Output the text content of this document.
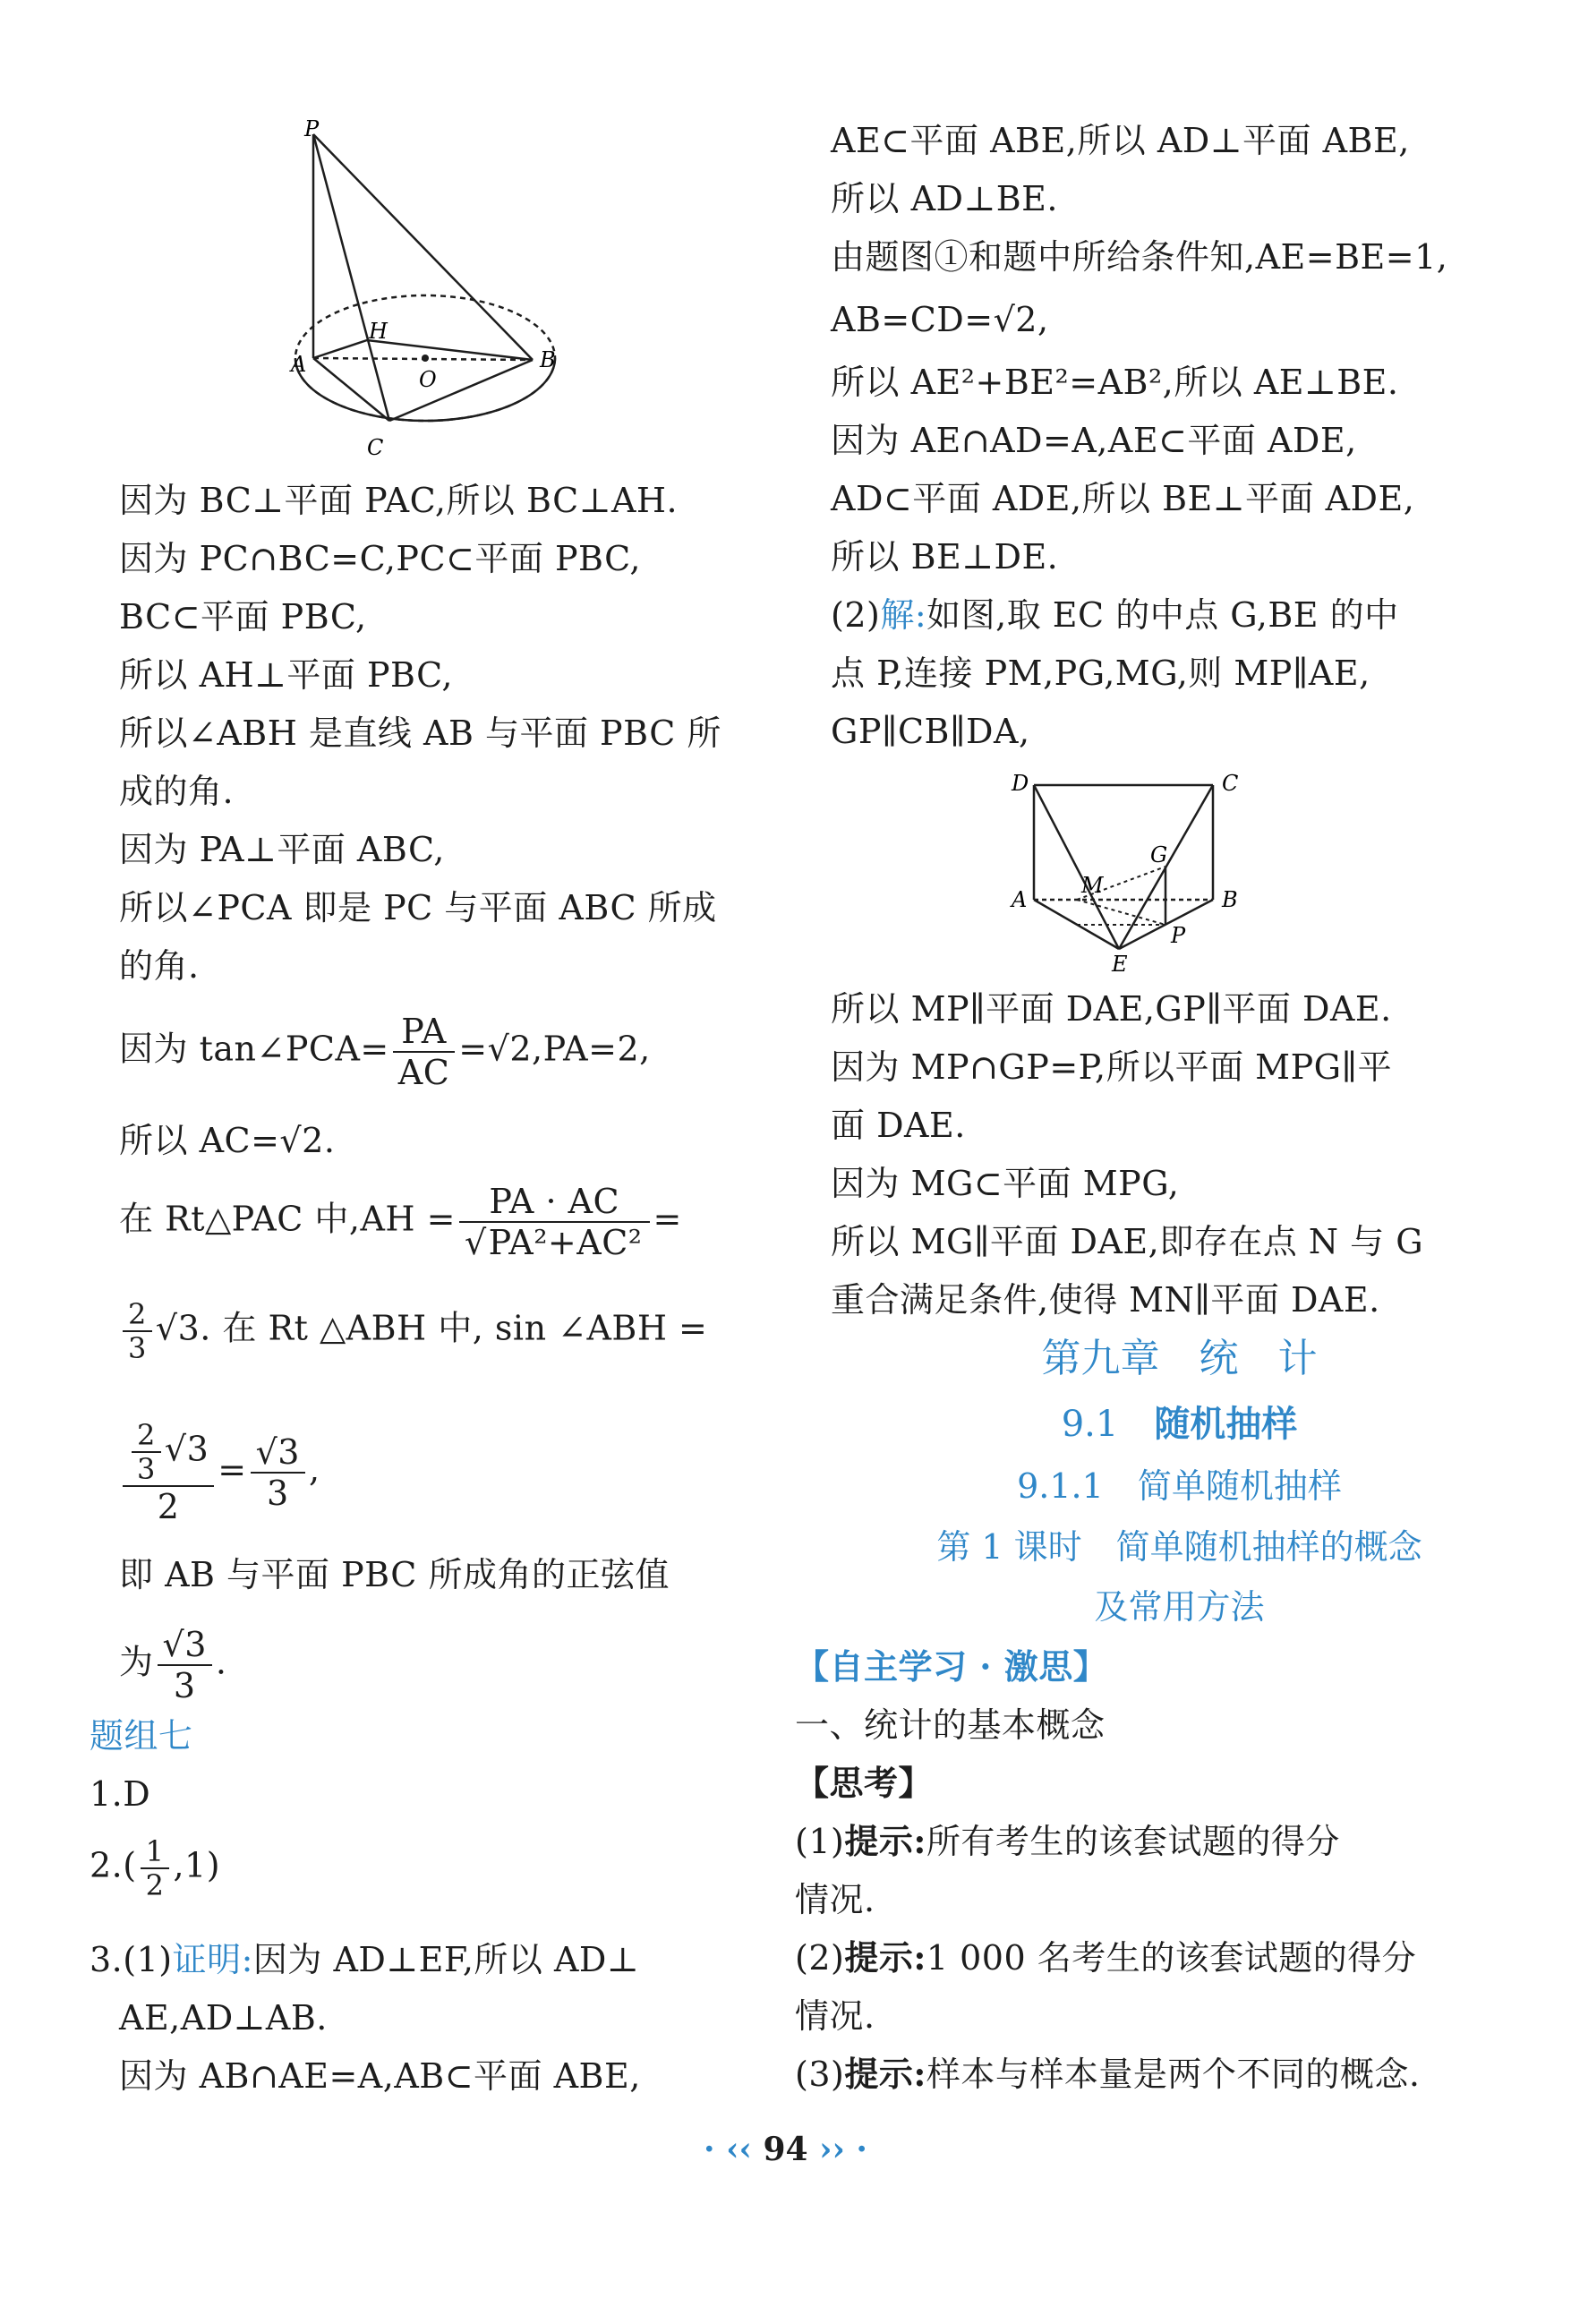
P
A	B
C
H
O
因为 BC⊥平面 PAC,所以 BC⊥AH.
因为 PC∩BC=C,PC⊂平面 PBC,
BC⊂平面 PBC,
所以 AH⊥平面 PBC,
所以∠ABH 是直线 AB 与平面 PBC 所
成的角.
因为 PA⊥平面 ABC,
所以∠PCA 即是 PC 与平面 ABC 所成
的角.
因为 tan∠PCA= $\frac{PA}{AC} =√2,PA=2$,
所以 AC=√2.
在 Rt△PAC 中$,AH = \frac{PA \cdot AC}{\text{√PA²+AC²}}$ =
$\frac{2}{3} √3$. 在 Rt △ABH 中, sin ∠ABH =
$\frac{\frac{2}{3} √3}{2} = \frac{√3}{3}$ ,
即 AB 与平面 PBC 所成角的正弦值
为 $\frac{√3}{3}$ .
题组七
1.D
$2.( \frac{1}{2} ,1)$
3.(1)证明:因为 AD⊥EF,所以 AD⊥
AE,AD⊥AB.
因为 AB∩AE=A,AB⊂平面 ABE,
AE⊂平面 ABE,所以 AD⊥平面 ABE,
所以 AD⊥BE.
由题图①和题中所给条件知,AE=BE=1,
AB=CD=√2,
所以 AE²+BE²=AB²,所以 AE⊥BE.
因为 AE∩AD=A,AE⊂平面 ADE,
AD⊂平面 ADE,所以 BE⊥平面 ADE,
所以 BE⊥DE.
(2)解:如图,取 EC 的中点 G,BE 的中
点 P,连接 PM,PG,MG,则 MP∥AE,
GP∥CB∥DA,
D	C
G
A
M
B
P
E
所以 MP∥平面 DAE,GP∥平面 DAE.
因为 MP∩GP=P,所以平面 MPG∥平
面 DAE.
因为 MG⊂平面 MPG,
所以 MG∥平面 DAE,即存在点 N 与 G
重合满足条件,使得 MN∥平面 DAE.
第九章　统　计
9.1　 随机抽样
9.1.1　 简单随机抽样
第 1 课时　简单随机抽样的概念
及常用方法
【自主学习 · 激思】
一、统计的基本概念
【思考】
(1)提示:所有考生的该套试题的得分
情况.
(2)提示:1 000 名考生的该套试题的得分
情况.
(3)提示:样本与样本量是两个不同的概念.
· ‹‹ 94 ›› ·
